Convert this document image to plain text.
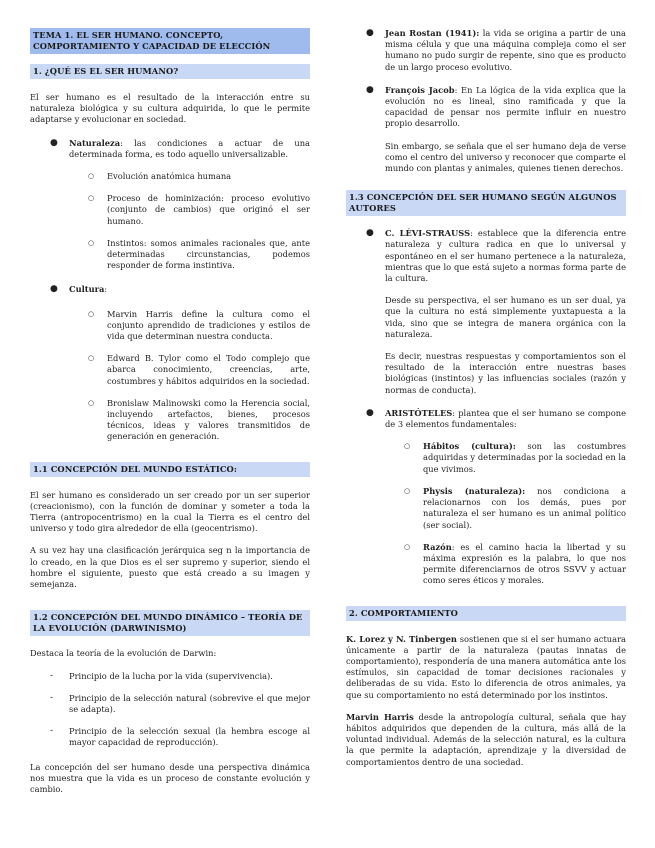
TEMA 1. EL SER HUMANO. CONCEPTO, COMPORTAMIENTO Y CAPACIDAD DE ELECCIÓN
1. ¿QUÉ ES EL SER HUMANO?

El ser humano es el resultado de la interacción entre su naturaleza biológica y su cultura adquirida, lo que le permite adaptarse y evolucionar en sociedad.

● Naturaleza: las condiciones a actuar de una determinada forma, es todo aquello universalizable.

○ Evolución anatómica humana

○ Proceso de hominización: proceso evolutivo (conjunto de cambios) que originó el ser humano.

○ Instintos: somos animales racionales que, ante determinadas circunstancias, podemos responder de forma instintiva.

● Cultura:

○ Marvin Harris define la cultura como el conjunto aprendido de tradiciones y estilos de vida que determinan nuestra conducta.

○ Edward B. Tylor como el Todo complejo que abarca conocimiento, creencias, arte, costumbres y hábitos adquiridos en la sociedad.

○ Bronislaw Malinowski como la Herencia social, incluyendo artefactos, bienes, procesos técnicos, ideas y valores transmitidos de generación en generación.

1.1 CONCEPCIÓN DEL MUNDO ESTÁTICO:

El ser humano es considerado un ser creado por un ser superior (creacionismo), con la función de dominar y someter a toda la Tierra (antropocentrismo) en la cual la Tierra es el centro del universo y todo gira alrededor de ella (geocentrismo).

A su vez hay una clasificación jerárquica seg n la importancia de lo creado, en la que Dios es el ser supremo y superior, siendo el hombre el siguiente, puesto que está creado a su imagen y semejanza.

1.2 CONCEPCIÓN DEL MUNDO DINÁMICO – TEORÍA DE LA EVOLUCIÓN (DARWINISMO)

Destaca la teoría de la evolución de Darwin:

- Principio de la lucha por la vida (supervivencia).

- Principio de la selección natural (sobrevive el que mejor se adapta).

- Principio de la selección sexual (la hembra escoge al mayor capacidad de reproducción).

La concepción del ser humano desde una perspectiva dinámica nos muestra que la vida es un proceso de constante evolución y cambio.

● Jean Rostan (1941): la vida se origina a partir de una misma célula y que una máquina compleja como el ser humano no pudo surgir de repente, sino que es producto de un largo proceso evolutivo.

● François Jacob: En La lógica de la vida explica que la evolución no es lineal, sino ramificada y que la capacidad de pensar nos permite influir en nuestro propio desarrollo.

Sin embargo, se señala que el ser humano deja de verse como el centro del universo y reconocer que comparte el mundo con plantas y animales, quienes tienen derechos.

1.3 CONCEPCIÓN DEL SER HUMANO SEGÚN ALGUNOS AUTORES
● C. LÉVI-STRAUSS: establece que la diferencia entre naturaleza y cultura radica en que lo universal y espontáneo en el ser humano pertenece a la naturaleza, mientras que lo que está sujeto a normas forma parte de la cultura.

Desde su perspectiva, el ser humano es un ser dual, ya que la cultura no está simplemente yuxtapuesta a la vida, sino que se integra de manera orgánica con la naturaleza.

Es decir, nuestras respuestas y comportamientos son el resultado de la interacción entre nuestras bases biológicas (instintos) y las influencias sociales (razón y normas de conducta).

● ARISTÓTELES: plantea que el ser humano se compone de 3 elementos fundamentales:

○ Hábitos (cultura): son las costumbres adquiridas y determinadas por la sociedad en la que vivimos.

○ Physis (naturaleza): nos condiciona a relacionarnos con los demás, pues por naturaleza el ser humano es un animal político (ser social).

○ Razón: es el camino hacia la libertad y su máxima expresión es la palabra, lo que nos permite diferenciarnos de otros SSVV y actuar como seres éticos y morales.

2. COMPORTAMIENTO

K. Lorez y N. Tinbergen sostienen que si el ser humano actuara únicamente a partir de la naturaleza (pautas innatas de comportamiento), respondería de una manera automática ante los estímulos, sin capacidad de tomar decisiones racionales y deliberadas de su vida. Esto lo diferencia de otros animales, ya que su comportamiento no está determinado por los instintos.

Marvin Harris desde la antropología cultural, señala que hay hábitos adquiridos que dependen de la cultura, más allá de la voluntad individual. Además de la selección natural, es la cultura la que permite la adaptación, aprendizaje y la diversidad de comportamientos dentro de una sociedad.
